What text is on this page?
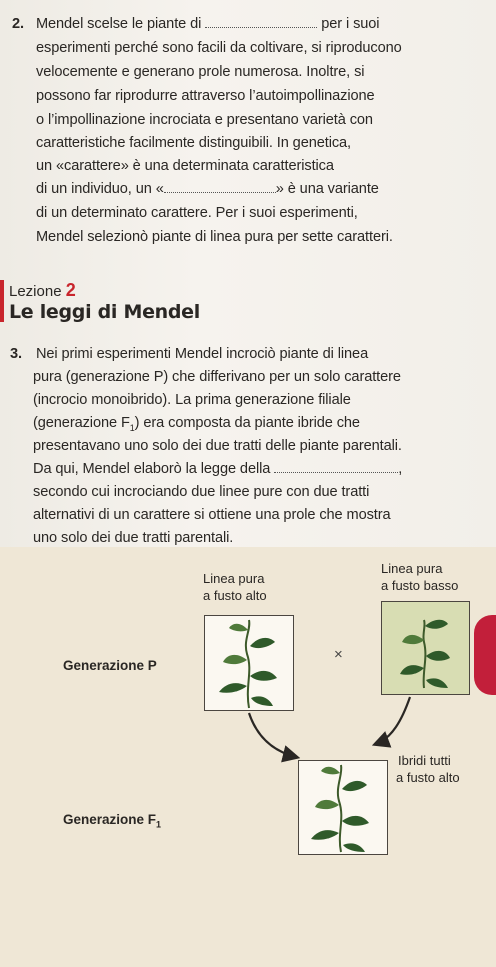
2. Mendel scelse le piante di	per i suoi
esperimenti perché sono facili da coltivare, si riproducono
velocemente e generano prole numerosa. Inoltre, si
possono far riprodurre attraverso l’autoimpollinazione
o l’impollinazione incrociata e presentano varietà con
caratteristiche facilmente distinguibili. In genetica,
un «carattere» è una determinata caratteristica
di un individuo, un «	» è una variante
di un determinato carattere. Per i suoi esperimenti,
Mendel selezionò piante di linea pura per sette caratteri.
Lezione 2
Le leggi di Mendel
3. Nei primi esperimenti Mendel incrociò piante di linea
pura (generazione P) che differivano per un solo carattere
(incrocio monoibrido). La prima generazione filiale
(generazione $F_1$) era composta da piante ibride che
presentavano uno solo dei due tratti delle piante parentali.
Da qui, Mendel elaborò la legge della	,
secondo cui incrociando due linee pure con due tratti
alternativi di un carattere si ottiene una prole che mostra
uno solo dei due tratti parentali.
Linea pura
a fusto alto
Linea pura
a fusto basso
Generazione P
Generazione $F_1$
×
Ibridi tutti
a fusto alto
